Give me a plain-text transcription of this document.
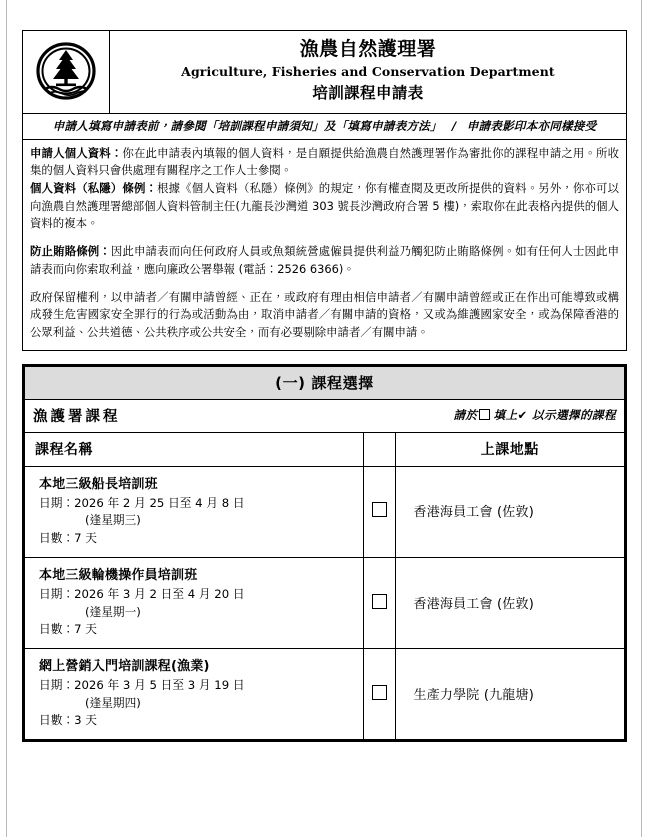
漁農自然護理署
Agriculture, Fisheries and Conservation Department
培訓課程申請表
申請人填寫申請表前，請參閱「培訓課程申請須知」及「填寫申請表方法」 / 申請表影印本亦同樣接受

申請人個人資料：你在此申請表內填報的個人資料，是自願提供給漁農自然護理署作為審批你的課程申請之用。所收集的個人資料只會供處理有關程序之工作人士參閱。

個人資料（私隱）條例：根據《個人資料（私隱）條例》的規定，你有權查閱及更改所提供的資料。另外，你亦可以向漁農自然護理署總部個人資料管制主任(九龍長沙灣道 303 號長沙灣政府合署 5 樓)，索取你在此表格內提供的個人資料的複本。

防止賄賂條例：因此申請表而向任何政府人員或魚類統營處僱員提供利益乃觸犯防止賄賂條例。如有任何人士因此申請表而向你索取利益，應向廉政公署舉報 (電話：2526 6366)。

政府保留權利，以申請者／有關申請曾經、正在，或政府有理由相信申請者／有關申請曾經或正在作出可能導致或構成發生危害國家安全罪行的行為或活動為由，取消申請者／有關申請的資格，又或為維護國家安全，或為保障香港的公眾利益、公共道德、公共秩序或公共安全，而有必要剔除申請者／有關申請。

(一) 課程選擇
漁護署課程	請於 填上✔ 以示選擇的課程
課程名稱		上課地點

本地三級船長培訓班
日期：2026 年 2 月 25 日至 4 月 8 日
(逢星期三)
日數：7 天		香港海員工會 (佐敦)

本地三級輪機操作員培訓班
日期：2026 年 3 月 2 日至 4 月 20 日
(逢星期一)
日數：7 天		香港海員工會 (佐敦)

網上營銷入門培訓課程(漁業)
日期：2026 年 3 月 5 日至 3 月 19 日
(逢星期四)
日數：3 天		生產力學院 (九龍塘)
